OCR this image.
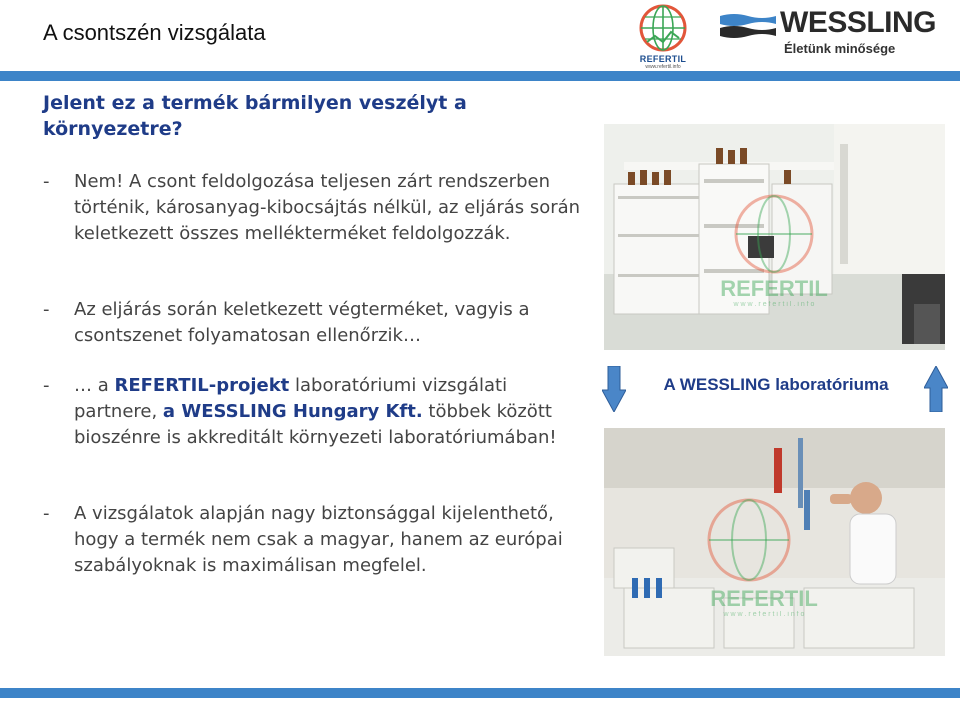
A csontszén vizsgálata
REFERTIL
www.refertil.info
WESSLING
Életünk minősége
Jelent ez a termék bármilyen veszélyt a környezetre?
- Nem! A csont feldolgozása teljesen zárt rendszerben történik, károsanyag-kibocsájtás nélkül, az eljárás során keletkezett összes mellékterméket feldolgozzák.
- Az eljárás során keletkezett végterméket, vagyis a csontszenet folyamatosan ellenőrzik…
- … a REFERTIL-projekt laboratóriumi vizsgálati partnere, a WESSLING Hungary Kft. többek között bioszénre is akkreditált környezeti laboratóriumában!
- A vizsgálatok alapján nagy biztonsággal kijelenthető, hogy a termék nem csak a magyar, hanem az európai szabályoknak is maximálisan megfelel.
REFERTIL
w w w . r e f e r t i l . i n f o
A WESSLING laboratóriuma
REFERTIL
w w w . r e f e r t i l . i n f o
